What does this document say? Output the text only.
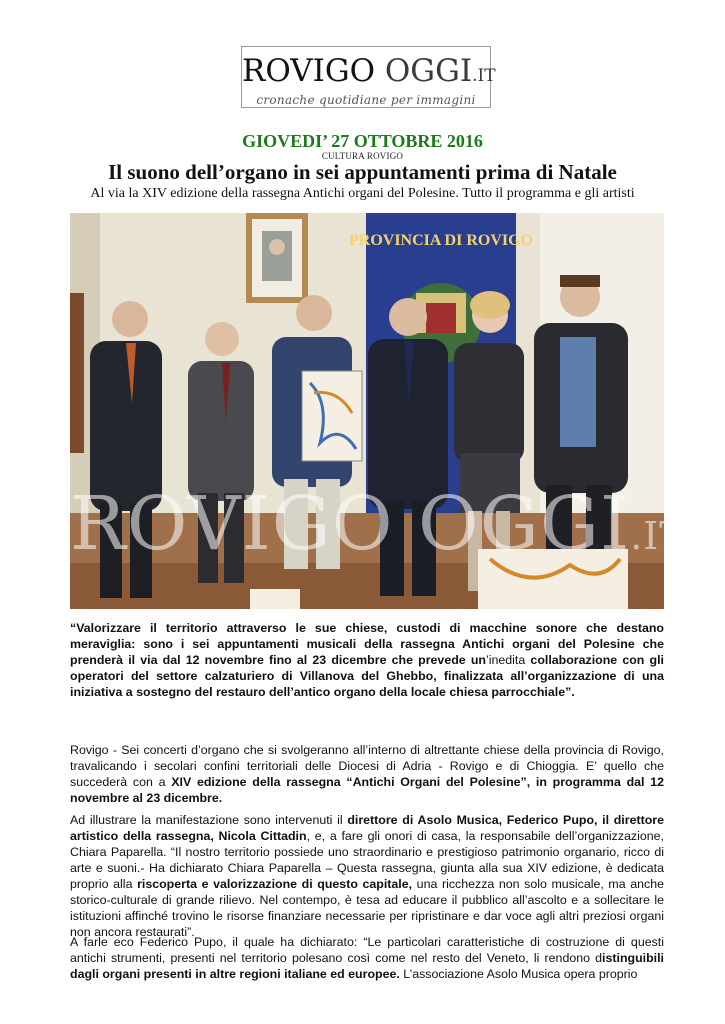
ROVIGO OGGI.IT
cronache quotidiane per immagini
GIOVEDI’ 27 OTTOBRE 2016
CULTURA ROVIGO
Il suono dell’organo in sei appuntamenti prima di Natale
Al via la XIV edizione della rassegna Antichi organi del Polesine. Tutto il programma e gli artisti
PROVINCIA DI ROVIGO
ROVIGO OGGI.IT
“Valorizzare il territorio attraverso le sue chiese, custodi di macchine sonore che destano meraviglia: sono i sei appuntamenti musicali della rassegna Antichi organi del Polesine che prenderà il via dal 12 novembre fino al 23 dicembre che prevede un’inedita collaborazione con gli operatori del settore calzaturiero di Villanova del Ghebbo, finalizzata all’organizzazione di una iniziativa a sostegno del restauro dell’antico organo della locale chiesa parrocchiale”.
Rovigo - Sei concerti d’organo che si svolgeranno all’interno di altrettante chiese della provincia di Rovigo, travalicando i secolari confini territoriali delle Diocesi di Adria - Rovigo e di Chioggia. E’ quello che succederà con a XIV edizione della rassegna “Antichi Organi del Polesine”, in programma dal 12 novembre al 23 dicembre.
Ad illustrare la manifestazione sono intervenuti il direttore di Asolo Musica, Federico Pupo, il direttore artistico della rassegna, Nicola Cittadin, e, a fare gli onori di casa, la responsabile dell’organizzazione, Chiara Paparella. “Il nostro territorio possiede uno straordinario e prestigioso patrimonio organario, ricco di arte e suoni.- Ha dichiarato Chiara Paparella – Questa rassegna, giunta alla sua XIV edizione, è dedicata proprio alla riscoperta e valorizzazione di questo capitale, una ricchezza non solo musicale, ma anche storico-culturale di grande rilievo. Nel contempo, è tesa ad educare il pubblico all’ascolto e a sollecitare le istituzioni affinché trovino le risorse finanziare necessarie per ripristinare e dar voce agli altri preziosi organi non ancora restaurati”.
A farle eco Federico Pupo, il quale ha dichiarato: “Le particolari caratteristiche di costruzione di questi antichi strumenti, presenti nel territorio polesano così come nel resto del Veneto, li rendono distinguibili dagli organi presenti in altre regioni italiane ed europee. L’associazione Asolo Musica opera proprio
